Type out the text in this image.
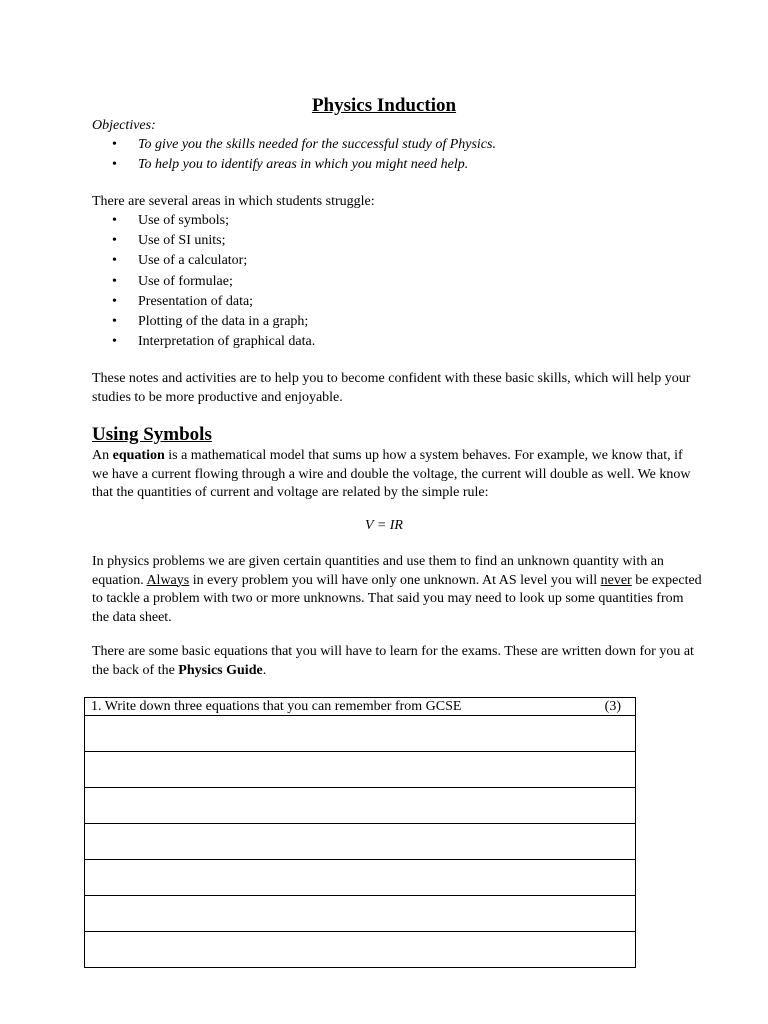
Physics Induction

Objectives:

• To give you the skills needed for the successful study of Physics.
• To help you to identify areas in which you might need help.

There are several areas in which students struggle:

• Use of symbols;
• Use of SI units;
• Use of a calculator;
• Use of formulae;
• Presentation of data;
• Plotting of the data in a graph;
• Interpretation of graphical data.

These notes and activities are to help you to become confident with these basic skills, which will help your studies to be more productive and enjoyable.

Using Symbols

An equation is a mathematical model that sums up how a system behaves. For example, we know that, if we have a current flowing through a wire and double the voltage, the current will double as well. We know that the quantities of current and voltage are related by the simple rule:

V = IR

In physics problems we are given certain quantities and use them to find an unknown quantity with an equation. Always in every problem you will have only one unknown. At AS level you will never be expected to tackle a problem with two or more unknowns. That said you may need to look up some quantities from the data sheet.

There are some basic equations that you will have to learn for the exams. These are written down for you at the back of the Physics Guide.

1. Write down three equations that you can remember from GCSE	(3)
